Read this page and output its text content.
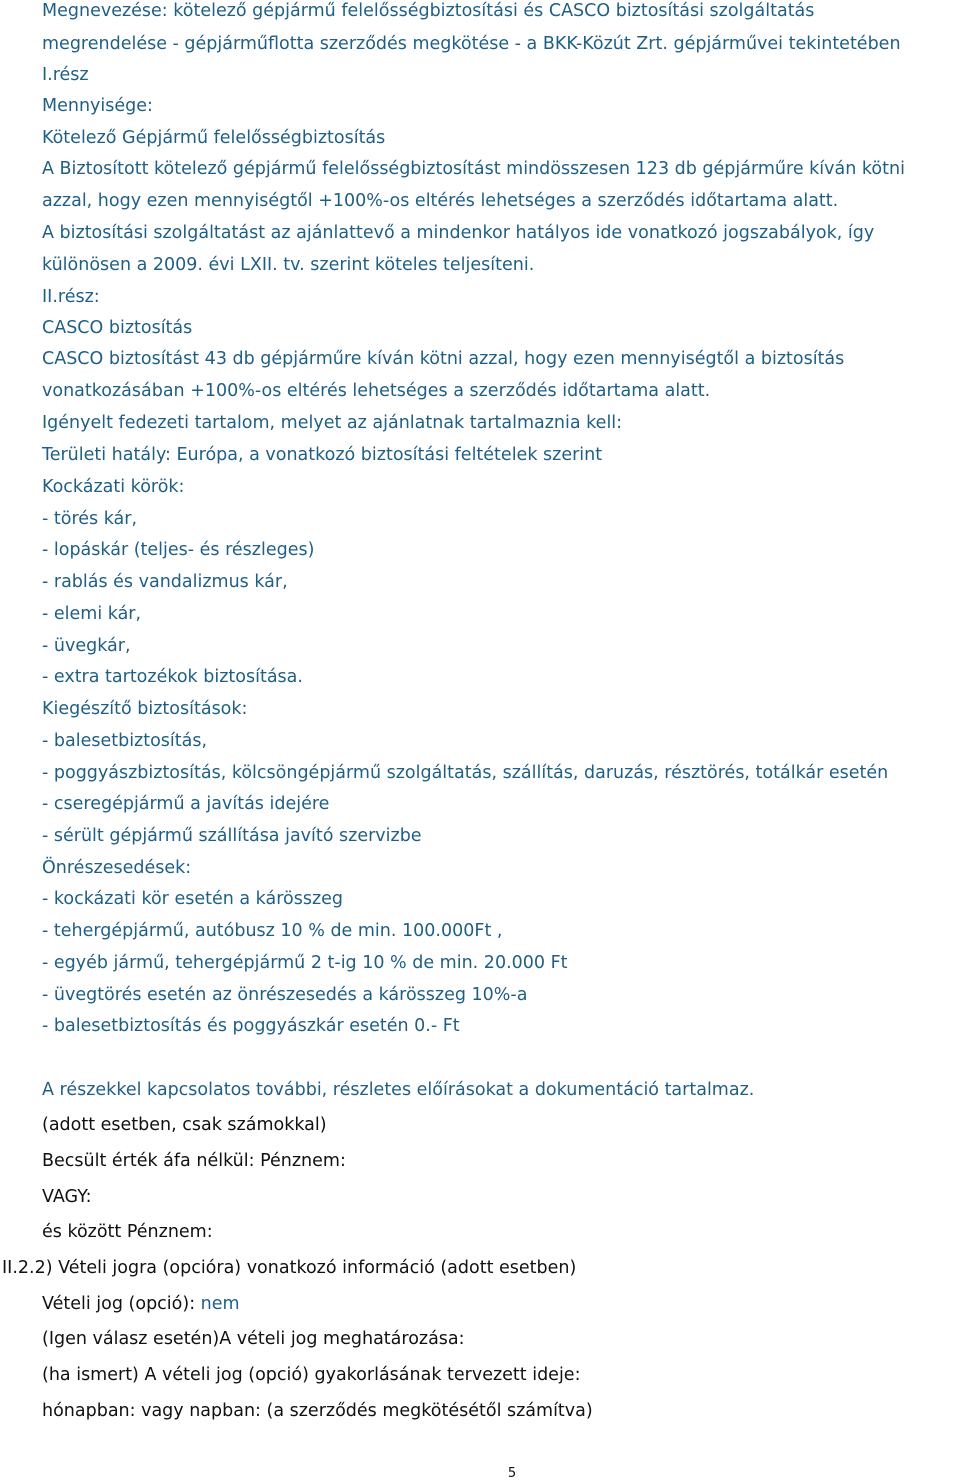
Megnevezése: kötelező gépjármű felelősségbiztosítási és CASCO biztosítási szolgáltatás
megrendelése - gépjárműflotta szerződés megkötése - a BKK-Közút Zrt. gépjárművei tekintetében
I.rész
Mennyisége:
Kötelező Gépjármű felelősségbiztosítás
A Biztosított kötelező gépjármű felelősségbiztosítást mindösszesen 123 db gépjárműre kíván kötni
azzal, hogy ezen mennyiségtől +100%-os eltérés lehetséges a szerződés időtartama alatt.
A biztosítási szolgáltatást az ajánlattevő a mindenkor hatályos ide vonatkozó jogszabályok, így
különösen a 2009. évi LXII. tv. szerint köteles teljesíteni.
II.rész:
CASCO biztosítás
CASCO biztosítást 43 db gépjárműre kíván kötni azzal, hogy ezen mennyiségtől a biztosítás
vonatkozásában +100%-os eltérés lehetséges a szerződés időtartama alatt.
Igényelt fedezeti tartalom, melyet az ajánlatnak tartalmaznia kell:
Területi hatály: Európa, a vonatkozó biztosítási feltételek szerint
Kockázati körök:
- törés kár,
- lopáskár (teljes- és részleges)
- rablás és vandalizmus kár,
- elemi kár,
- üvegkár,
- extra tartozékok biztosítása.
Kiegészítő biztosítások:
- balesetbiztosítás,
- poggyászbiztosítás, kölcsöngépjármű szolgáltatás, szállítás, daruzás, résztörés, totálkár esetén
- cseregépjármű a javítás idejére
- sérült gépjármű szállítása javító szervizbe
Önrészesedések:
- kockázati kör esetén a kárösszeg
- tehergépjármű, autóbusz 10 % de min. 100.000Ft ,
- egyéb jármű, tehergépjármű 2 t-ig 10 % de min. 20.000 Ft
- üvegtörés esetén az önrészesedés a kárösszeg 10%-a
- balesetbiztosítás és poggyászkár esetén 0.- Ft
A részekkel kapcsolatos további, részletes előírásokat a dokumentáció tartalmaz.
(adott esetben, csak számokkal)
Becsült érték áfa nélkül: Pénznem:
VAGY:
és között Pénznem:
II.2.2) Vételi jogra (opcióra) vonatkozó információ (adott esetben)
Vételi jog (opció): nem
(Igen válasz esetén)A vételi jog meghatározása:
(ha ismert) A vételi jog (opció) gyakorlásának tervezett ideje:
hónapban: vagy napban: (a szerződés megkötésétől számítva)
5
